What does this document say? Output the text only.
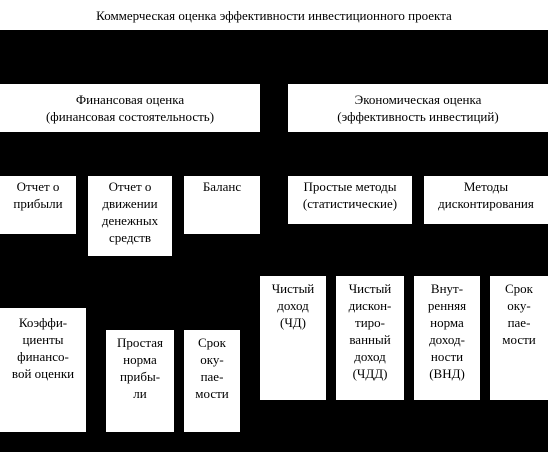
Коммерческая оценка эффективности инвестиционного проекта
Финансовая оценка
(финансовая состоятельность)
Экономическая оценка
(эффективность инвестиций)
Отчет о
прибыли
Отчет о
движении
денежных
средств
Баланс	Простые методы
(статистические)
Методы
дисконтирования
Коэффи-
циенты
финансо-
вой оценки
Простая
норма
прибы-
ли
Срок
оку-
пае-
мости
Чистый
доход
(ЧД)
Чистый
дискон-
тиро-
ванный
доход
(ЧДД)
Внут-
ренняя
норма
доход-
ности
(ВНД)
Срок
оку-
пае-
мости
